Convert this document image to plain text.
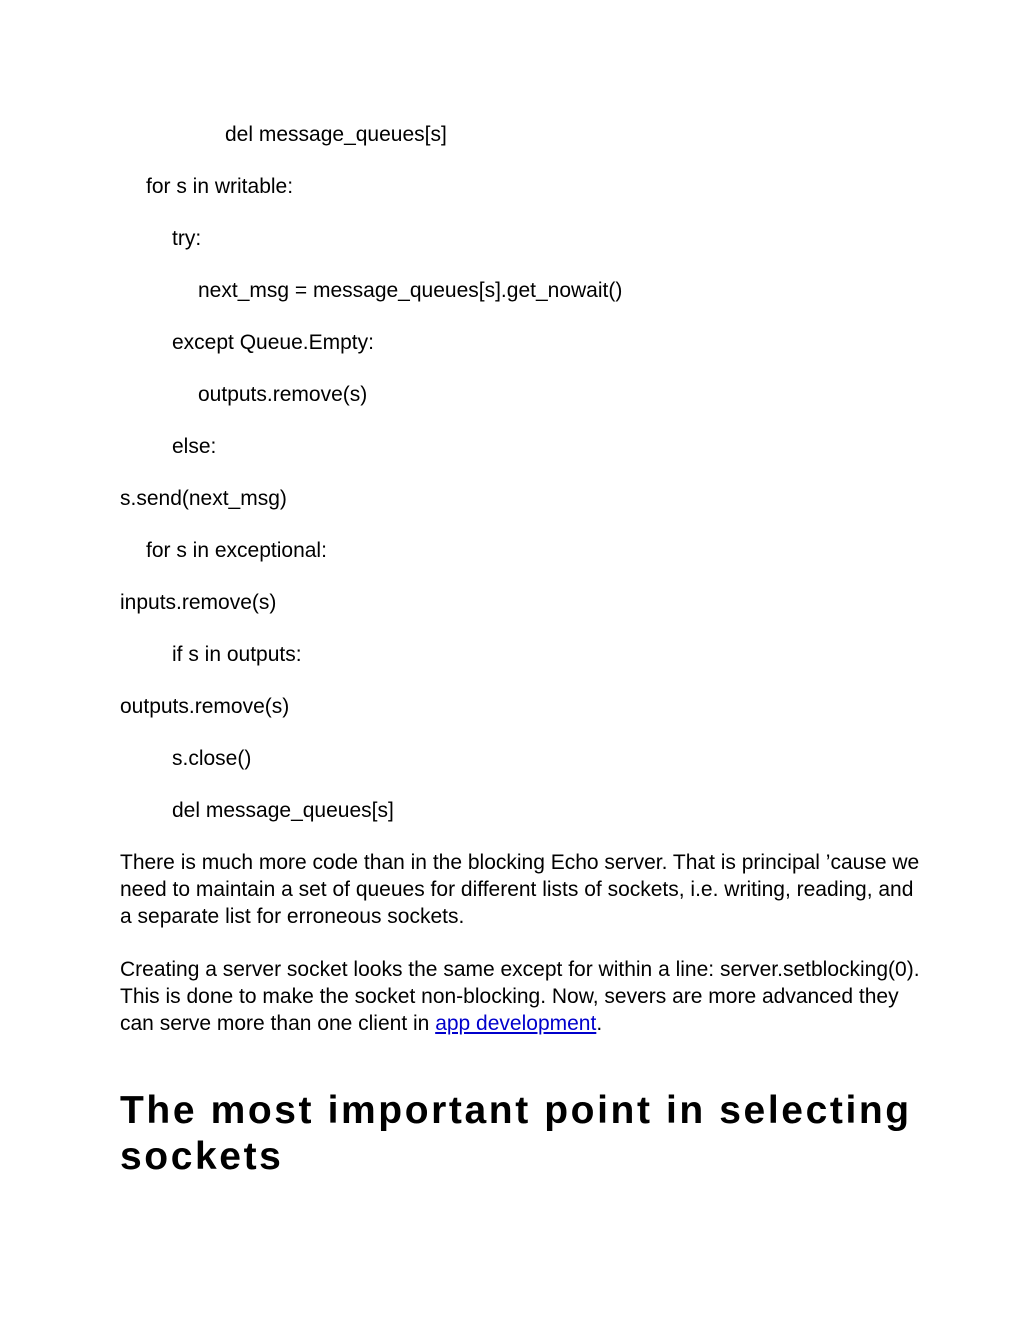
del message_queues[s]
for s in writable:
try:
next_msg = message_queues[s].get_nowait()
except Queue.Empty:
outputs.remove(s)
else:
s.send(next_msg)
for s in exceptional:
inputs.remove(s)
if s in outputs:
outputs.remove(s)
s.close()
del message_queues[s]

There is much more code than in the blocking Echo server. That is principal ’cause we need to maintain a set of queues for different lists of sockets, i.e. writing, reading, and a separate list for erroneous sockets.

Creating a server socket looks the same except for within a line: server.setblocking(0). This is done to make the socket non-blocking. Now, severs are more advanced they can serve more than one client in app development.

The most important point in selecting sockets
